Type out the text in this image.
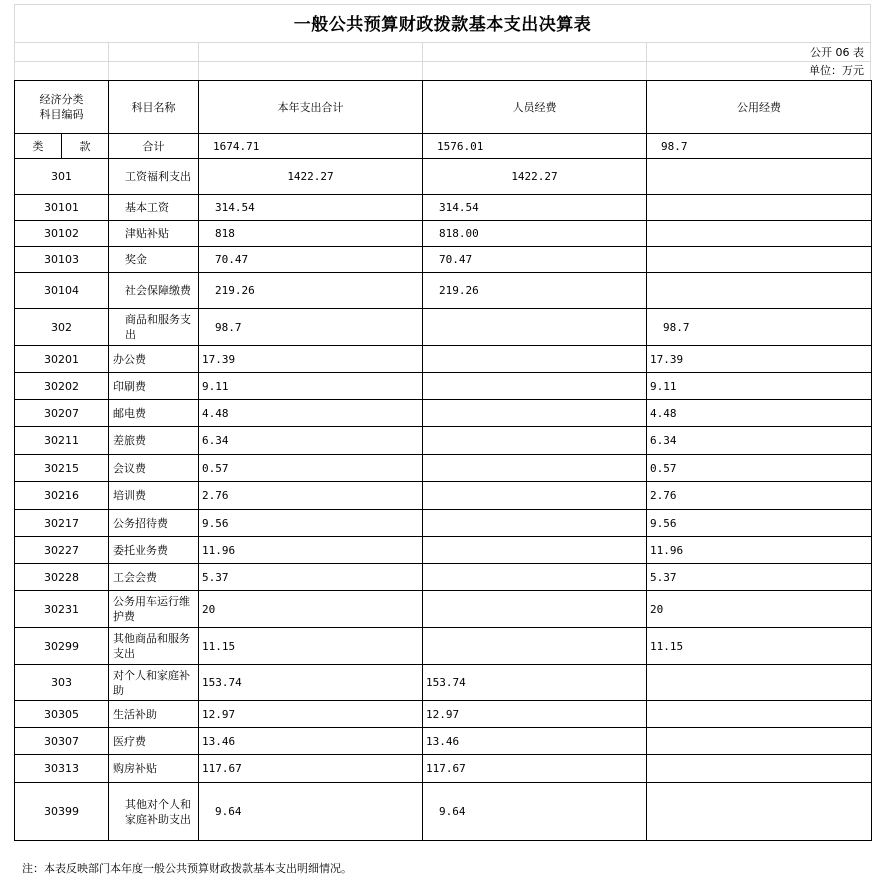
一般公共预算财政拨款基本支出决算表
公开 06 表
单位：万元
经济分类
科目编码		科目名称	本年支出合计	人员经费	公用经费
类	款	合计	1674.71	1576.01	98.7
301		工资福利支出	1422.27	1422.27	
30101		基本工资	314.54	314.54	
30102		津贴补贴	818	818.00	
30103		奖金	70.47	70.47	
30104		社会保障缴费	219.26	219.26	
302		商品和服务支出	98.7		98.7
30201		办公费	17.39		17.39
30202		印刷费	9.11		9.11
30207		邮电费	4.48		4.48
30211		差旅费	6.34		6.34
30215		会议费	0.57		0.57
30216		培训费	2.76		2.76
30217		公务招待费	9.56		9.56
30227		委托业务费	11.96		11.96
30228		工会会费	5.37		5.37
30231		公务用车运行维护费	20		20
30299		其他商品和服务支出	11.15		11.15
303		对个人和家庭补助	153.74	153.74	
30305		生活补助	12.97	12.97	
30307		医疗费	13.46	13.46	
30313		购房补贴	117.67	117.67	
30399		其他对个人和家庭补助支出	9.64	9.64	
注：本表反映部门本年度一般公共预算财政拨款基本支出明细情况。
